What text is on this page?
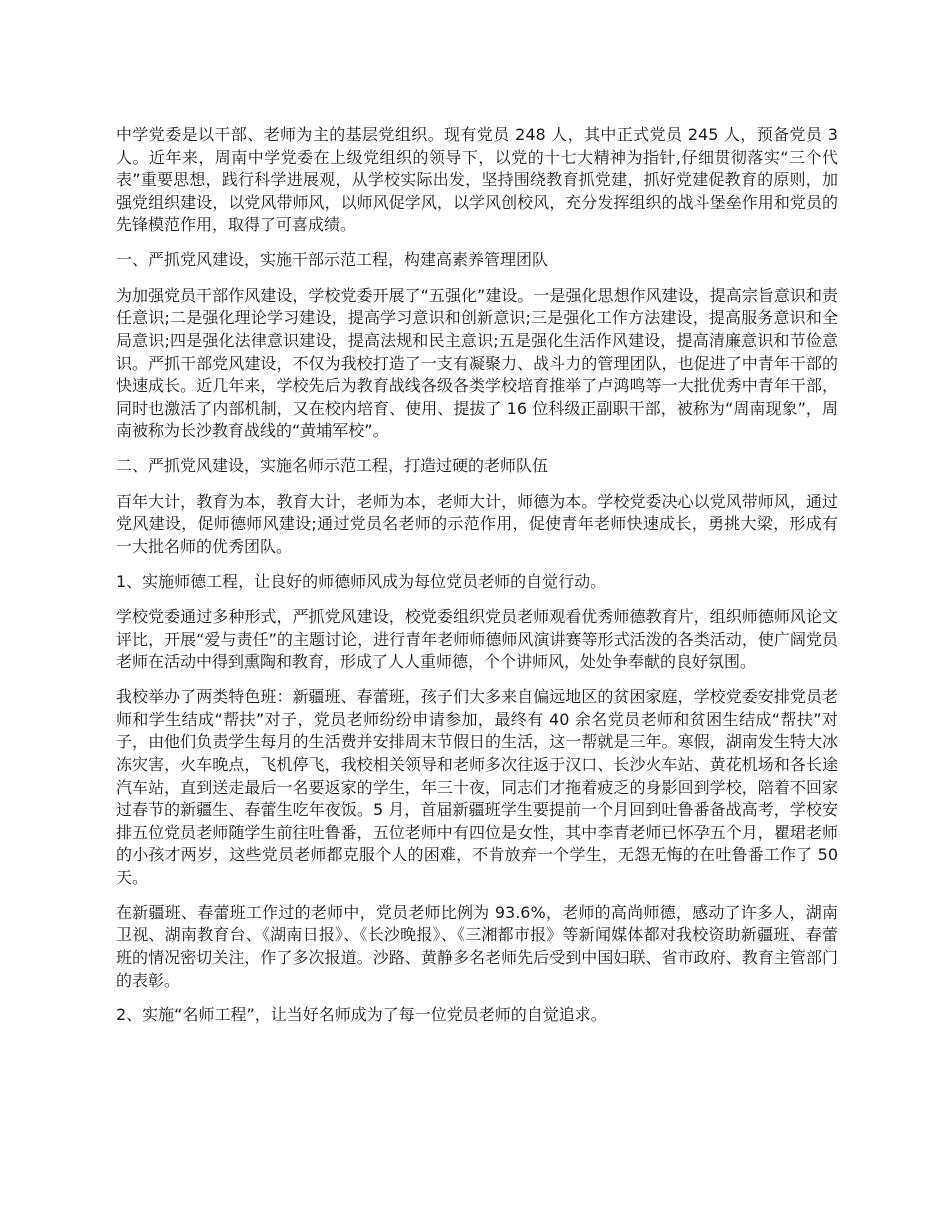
中学党委是以干部、老师为主的基层党组织。现有党员 248 人，其中正式党员 245 人，预备党员 3 人。近年来，周南中学党委在上级党组织的领导下，以党的十七大精神为指针,仔细贯彻落实“三个代表”重要思想，践行科学进展观，从学校实际出发，坚持围绕教育抓党建，抓好党建促教育的原则，加强党组织建设，以党风带师风，以师风促学风，以学风创校风，充分发挥组织的战斗堡垒作用和党员的先锋模范作用，取得了可喜成绩。

一、严抓党风建设，实施干部示范工程，构建高素养管理团队

为加强党员干部作风建设，学校党委开展了“五强化”建设。一是强化思想作风建设，提高宗旨意识和责任意识;二是强化理论学习建设，提高学习意识和创新意识;三是强化工作方法建设，提高服务意识和全局意识;四是强化法律意识建设，提高法规和民主意识;五是强化生活作风建设，提高清廉意识和节俭意识。严抓干部党风建设，不仅为我校打造了一支有凝聚力、战斗力的管理团队，也促进了中青年干部的快速成长。近几年来，学校先后为教育战线各级各类学校培育推举了卢鸿鸣等一大批优秀中青年干部，同时也激活了内部机制，又在校内培育、使用、提拔了 16 位科级正副职干部，被称为“周南现象”，周南被称为长沙教育战线的“黄埔军校”。

二、严抓党风建设，实施名师示范工程，打造过硬的老师队伍

百年大计，教育为本，教育大计，老师为本，老师大计，师德为本。学校党委决心以党风带师风，通过党风建设，促师德师风建设;通过党员名老师的示范作用，促使青年老师快速成长，勇挑大梁，形成有一大批名师的优秀团队。

1、实施师德工程，让良好的师德师风成为每位党员老师的自觉行动。

学校党委通过多种形式，严抓党风建设，校党委组织党员老师观看优秀师德教育片，组织师德师风论文评比，开展“爱与责任”的主题讨论，进行青年老师师德师风演讲赛等形式活泼的各类活动，使广阔党员老师在活动中得到熏陶和教育，形成了人人重师德，个个讲师风，处处争奉献的良好氛围。

我校举办了两类特色班：新疆班、春蕾班，孩子们大多来自偏远地区的贫困家庭，学校党委安排党员老师和学生结成“帮扶”对子，党员老师纷纷申请参加，最终有 40 余名党员老师和贫困生结成“帮扶”对子，由他们负责学生每月的生活费并安排周末节假日的生活，这一帮就是三年。寒假，湖南发生特大冰冻灾害，火车晚点，飞机停飞，我校相关领导和老师多次往返于汉口、长沙火车站、黄花机场和各长途汽车站，直到送走最后一名要返家的学生，年三十夜，同志们才拖着疲乏的身影回到学校，陪着不回家过春节的新疆生、春蕾生吃年夜饭。5 月，首届新疆班学生要提前一个月回到吐鲁番备战高考，学校安排五位党员老师随学生前往吐鲁番，五位老师中有四位是女性，其中李青老师已怀孕五个月，瞿珺老师的小孩才两岁，这些党员老师都克服个人的困难，不肯放弃一个学生，无怨无悔的在吐鲁番工作了 50 天。

在新疆班、春蕾班工作过的老师中，党员老师比例为 93.6%，老师的高尚师德，感动了许多人，湖南卫视、湖南教育台、《湖南日报》、《长沙晚报》、《三湘都市报》等新闻媒体都对我校资助新疆班、春蕾班的情况密切关注，作了多次报道。沙路、黄静多名老师先后受到中国妇联、省市政府、教育主管部门的表彰。

2、实施“名师工程”，让当好名师成为了每一位党员老师的自觉追求。
